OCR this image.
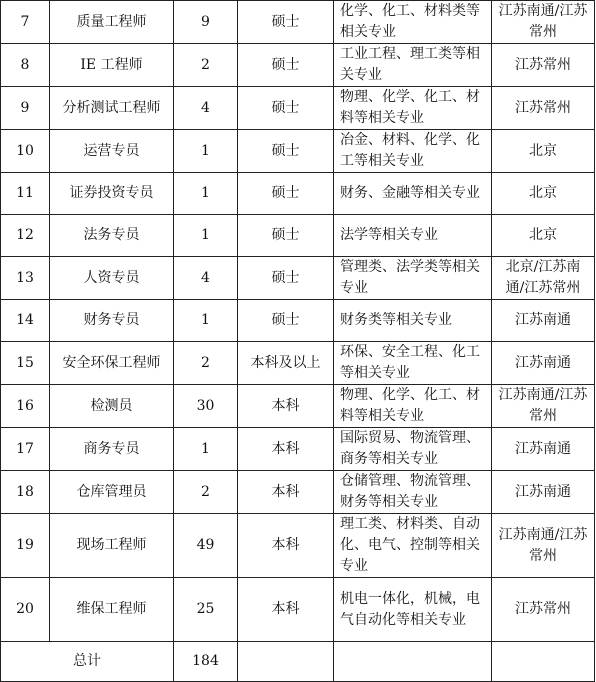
7	质量工程师	9	硕士	化学、化工、材料类等相关专业	江苏南通/江苏常州
8	IE 工程师	2	硕士	工业工程、理工类等相关专业	江苏常州
9	分析测试工程师	4	硕士	物理、化学、化工、材料等相关专业	江苏常州
10	运营专员	1	硕士	冶金、材料、化学、化工等相关专业	北京
11	证券投资专员	1	硕士	财务、金融等相关专业	北京
12	法务专员	1	硕士	法学等相关专业	北京
13	人资专员	4	硕士	管理类、法学类等相关专业	北京/江苏南通/江苏常州
14	财务专员	1	硕士	财务类等相关专业	江苏南通
15	安全环保工程师	2	本科及以上	环保、安全工程、化工等相关专业	江苏南通
16	检测员	30	本科	物理、化学、化工、材料等相关专业	江苏南通/江苏常州
17	商务专员	1	本科	国际贸易、物流管理、商务等相关专业	江苏南通
18	仓库管理员	2	本科	仓储管理、物流管理、财务等相关专业	江苏南通
19	现场工程师	49	本科	理工类、材料类、自动化、电气、控制等相关专业	江苏南通/江苏常州
20	维保工程师	25	本科	机电一体化，机械，电气自动化等相关专业	江苏常州
总计		184			
